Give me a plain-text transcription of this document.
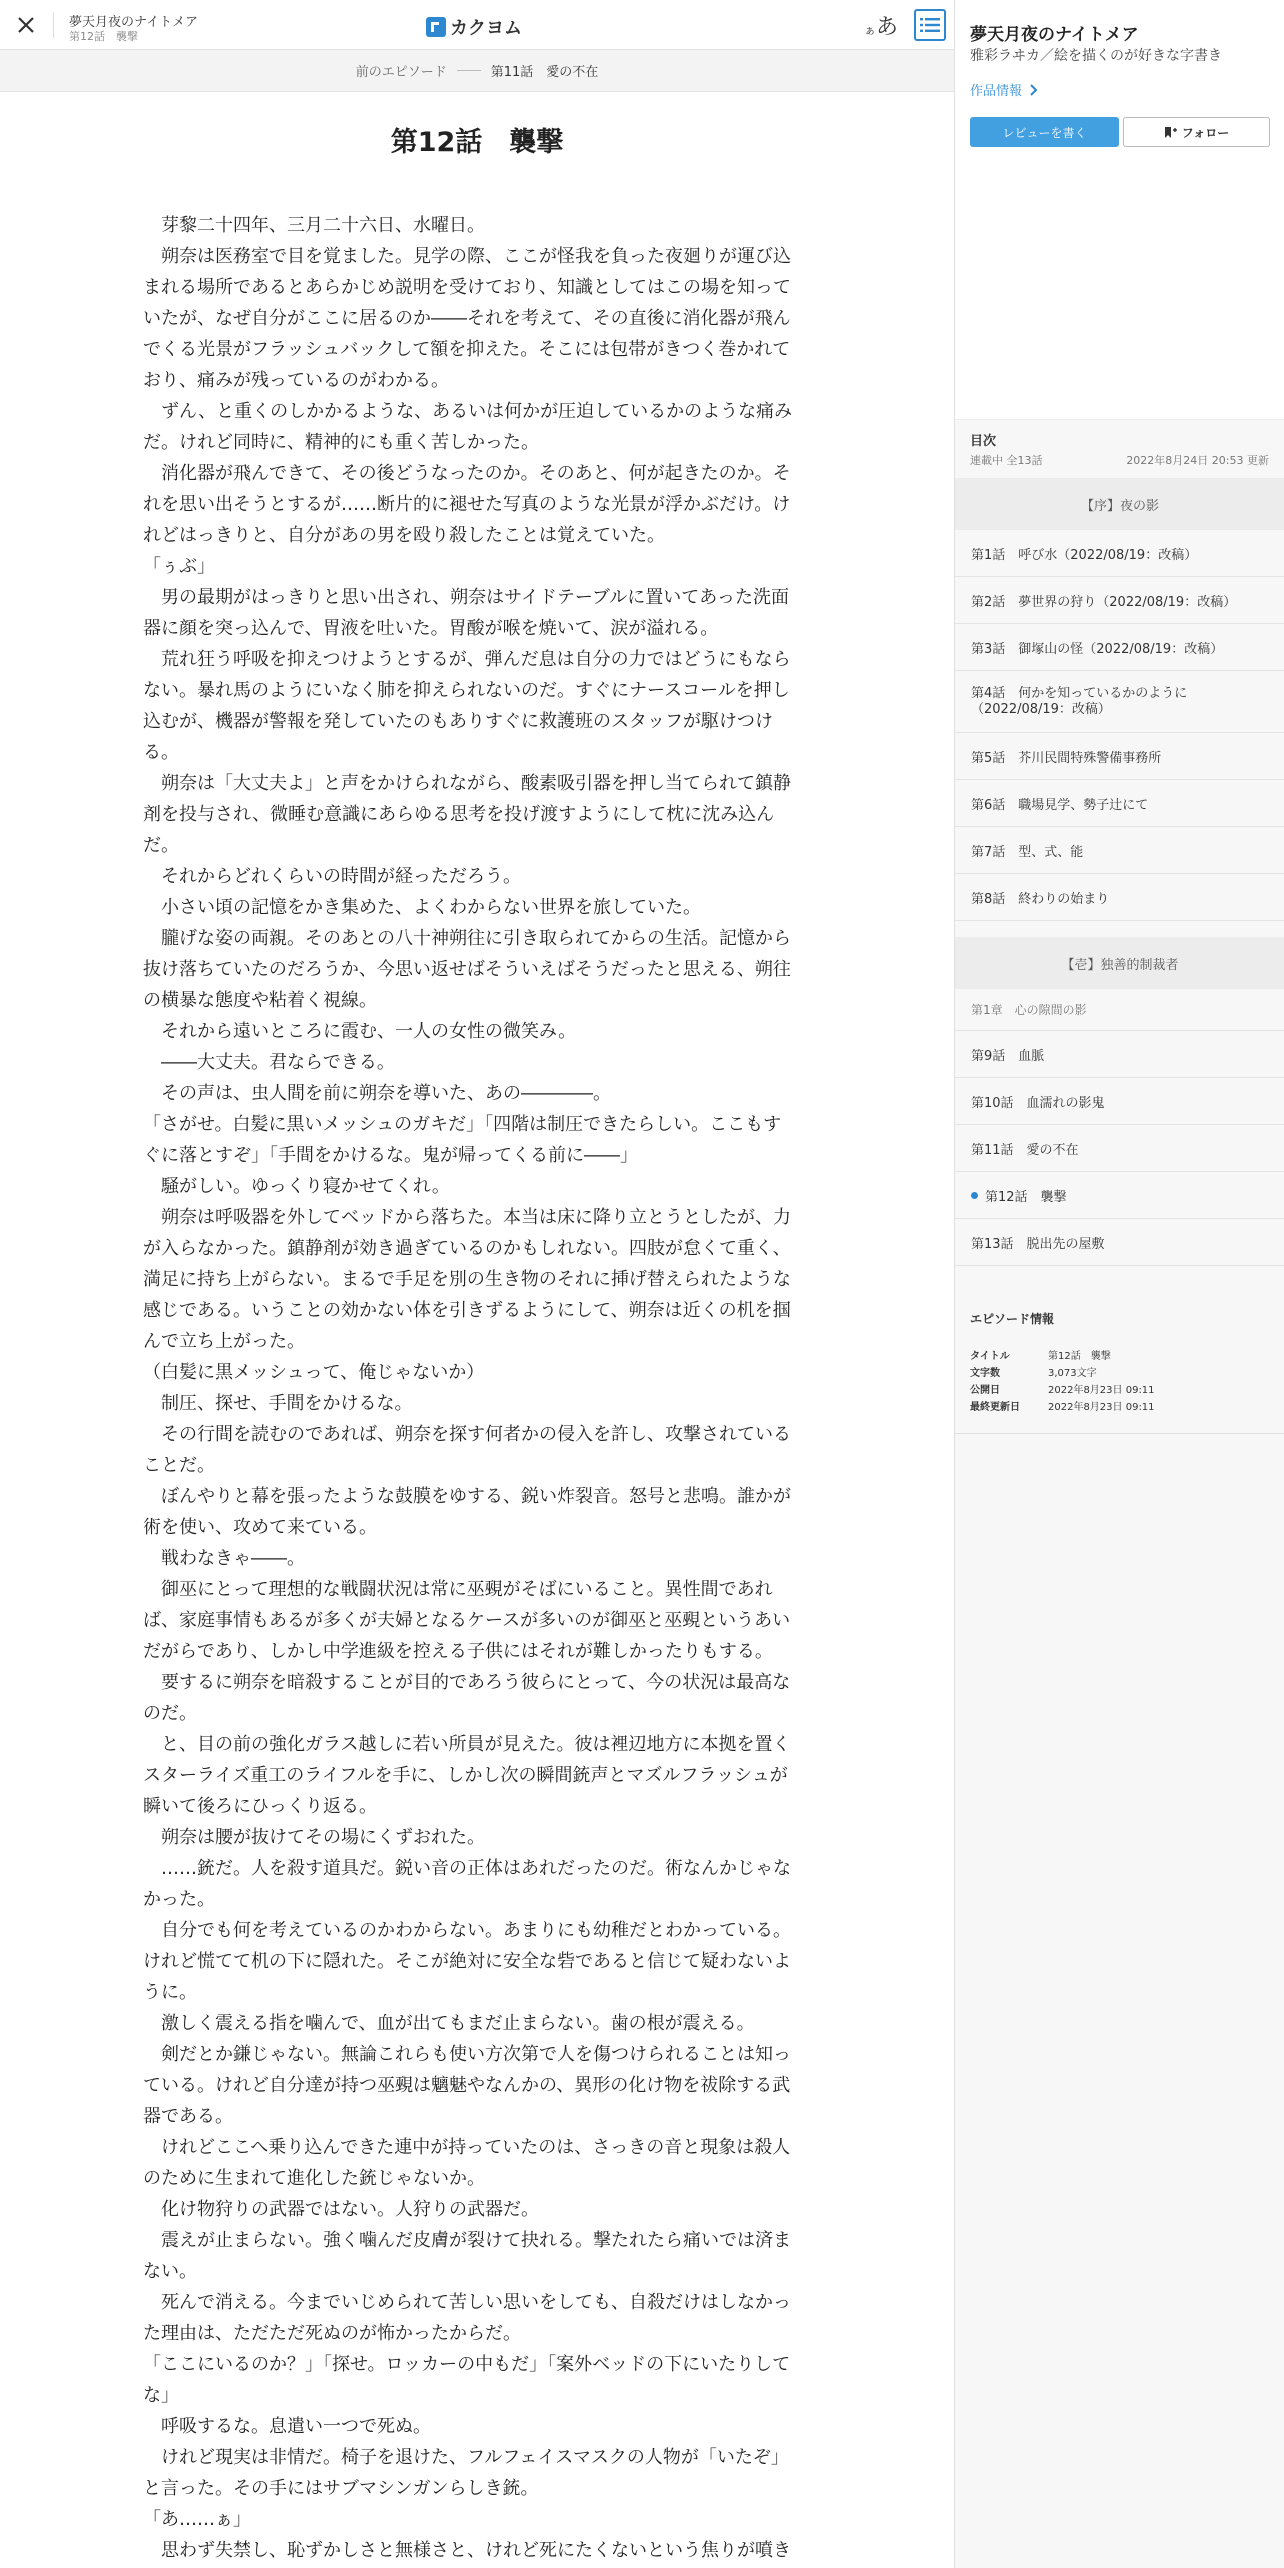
夢天月夜のナイトメア
第12話　襲撃	カクヨム	ぁあ
前のエピソード	第11話　愛の不在
第12話　襲撃

　芽黎二十四年、三月二十六日、水曜日。

　朔奈は医務室で目を覚ました。見学の際、ここが怪我を負った夜廻りが運び込まれる場所であるとあらかじめ説明を受けており、知識としてはこの場を知っていたが、なぜ自分がここに居るのか――それを考えて、その直後に消化器が飛んでくる光景がフラッシュバックして額を抑えた。そこには包帯がきつく巻かれており、痛みが残っているのがわかる。

　ずん、と重くのしかかるような、あるいは何かが圧迫しているかのような痛みだ。けれど同時に、精神的にも重く苦しかった。

　消化器が飛んできて、その後どうなったのか。そのあと、何が起きたのか。それを思い出そうとするが……断片的に褪せた写真のような光景が浮かぶだけ。けれどはっきりと、自分があの男を殴り殺したことは覚えていた。

「ぅぶ」

　男の最期がはっきりと思い出され、朔奈はサイドテーブルに置いてあった洗面器に顔を突っ込んで、胃液を吐いた。胃酸が喉を焼いて、涙が溢れる。

　荒れ狂う呼吸を抑えつけようとするが、弾んだ息は自分の力ではどうにもならない。暴れ馬のようにいなく肺を抑えられないのだ。すぐにナースコールを押し込むが、機器が警報を発していたのもありすぐに救護班のスタッフが駆けつける。

　朔奈は「大丈夫よ」と声をかけられながら、酸素吸引器を押し当てられて鎮静剤を投与され、微睡む意識にあらゆる思考を投げ渡すようにして枕に沈み込んだ。

　それからどれくらいの時間が経っただろう。

　小さい頃の記憶をかき集めた、よくわからない世界を旅していた。

　朧げな姿の両親。そのあとの八十神朔往に引き取られてからの生活。記憶から抜け落ちていたのだろうか、今思い返せばそういえばそうだったと思える、朔往の横暴な態度や粘着く視線。

　それから遠いところに霞む、一人の女性の微笑み。

　――大丈夫。君ならできる。

　その声は、虫人間を前に朔奈を導いた、あの――――。

「さがせ。白髪に黒いメッシュのガキだ」「四階は制圧できたらしい。ここもすぐに落とすぞ」「手間をかけるな。鬼が帰ってくる前に――」

　騒がしい。ゆっくり寝かせてくれ。

　朔奈は呼吸器を外してベッドから落ちた。本当は床に降り立とうとしたが、力が入らなかった。鎮静剤が効き過ぎているのかもしれない。四肢が怠くて重く、満足に持ち上がらない。まるで手足を別の生き物のそれに挿げ替えられたような感じである。いうことの効かない体を引きずるようにして、朔奈は近くの机を掴んで立ち上がった。

（白髪に黒メッシュって、俺じゃないか）

　制圧、探せ、手間をかけるな。

　その行間を読むのであれば、朔奈を探す何者かの侵入を許し、攻撃されていることだ。

　ぼんやりと幕を張ったような鼓膜をゆする、鋭い炸裂音。怒号と悲鳴。誰かが術を使い、攻めて来ている。

　戦わなきゃ――。

　御巫にとって理想的な戦闘状況は常に巫覡がそばにいること。異性間であれば、家庭事情もあるが多くが夫婦となるケースが多いのが御巫と巫覡というあいだがらであり、しかし中学進級を控える子供にはそれが難しかったりもする。

　要するに朔奈を暗殺することが目的であろう彼らにとって、今の状況は最高なのだ。

　と、目の前の強化ガラス越しに若い所員が見えた。彼は裡辺地方に本拠を置くスターライズ重工のライフルを手に、しかし次の瞬間銃声とマズルフラッシュが瞬いて後ろにひっくり返る。

　朔奈は腰が抜けてその場にくずおれた。

　……銃だ。人を殺す道具だ。鋭い音の正体はあれだったのだ。術なんかじゃなかった。

　自分でも何を考えているのかわからない。あまりにも幼稚だとわかっている。けれど慌てて机の下に隠れた。そこが絶対に安全な砦であると信じて疑わないように。

　激しく震える指を噛んで、血が出てもまだ止まらない。歯の根が震える。

　剣だとか鎌じゃない。無論これらも使い方次第で人を傷つけられることは知っている。けれど自分達が持つ巫覡は魑魅やなんかの、異形の化け物を祓除する武器である。

　けれどここへ乗り込んできた連中が持っていたのは、さっきの音と現象は殺人のために生まれて進化した銃じゃないか。

　化け物狩りの武器ではない。人狩りの武器だ。

　震えが止まらない。強く噛んだ皮膚が裂けて抉れる。撃たれたら痛いでは済まない。

　死んで消える。今までいじめられて苦しい思いをしても、自殺だけはしなかった理由は、ただただ死ぬのが怖かったからだ。

「ここにいるのか？」「探せ。ロッカーの中もだ」「案外ベッドの下にいたりしてな」

　呼吸するな。息遣い一つで死ぬ。

　けれど現実は非情だ。椅子を退けた、フルフェイスマスクの人物が「いたぞ」と言った。その手にはサブマシンガンらしき銃。

「あ……ぁ」

　思わず失禁し、恥ずかしさと無様さと、けれど死にたくないという焦りが噴き

夢天月夜のナイトメア
雅彩ラヰカ／絵を描くのが好きな字書き
作品情報
レビューを書く	フォロー
目次
連載中 全13話	2022年8月24日 20:53 更新
【序】夜の影
第1話　呼び水（2022/08/19：改稿）
第2話　夢世界の狩り（2022/08/19：改稿）
第3話　御塚山の怪（2022/08/19：改稿）
第4話　何かを知っているかのように（2022/08/19：改稿）
第5話　芥川民間特殊警備事務所
第6話　職場見学、勢子辻にて
第7話　型、式、能
第8話　終わりの始まり
【壱】独善的制裁者
第1章　心の隙間の影
第9話　血脈
第10話　血濡れの影鬼
第11話　愛の不在
第12話　襲撃
第13話　脱出先の屋敷
エピソード情報
タイトル	第12話　襲撃
文字数	3,073文字
公開日	2022年8月23日 09:11
最終更新日	2022年8月23日 09:11
